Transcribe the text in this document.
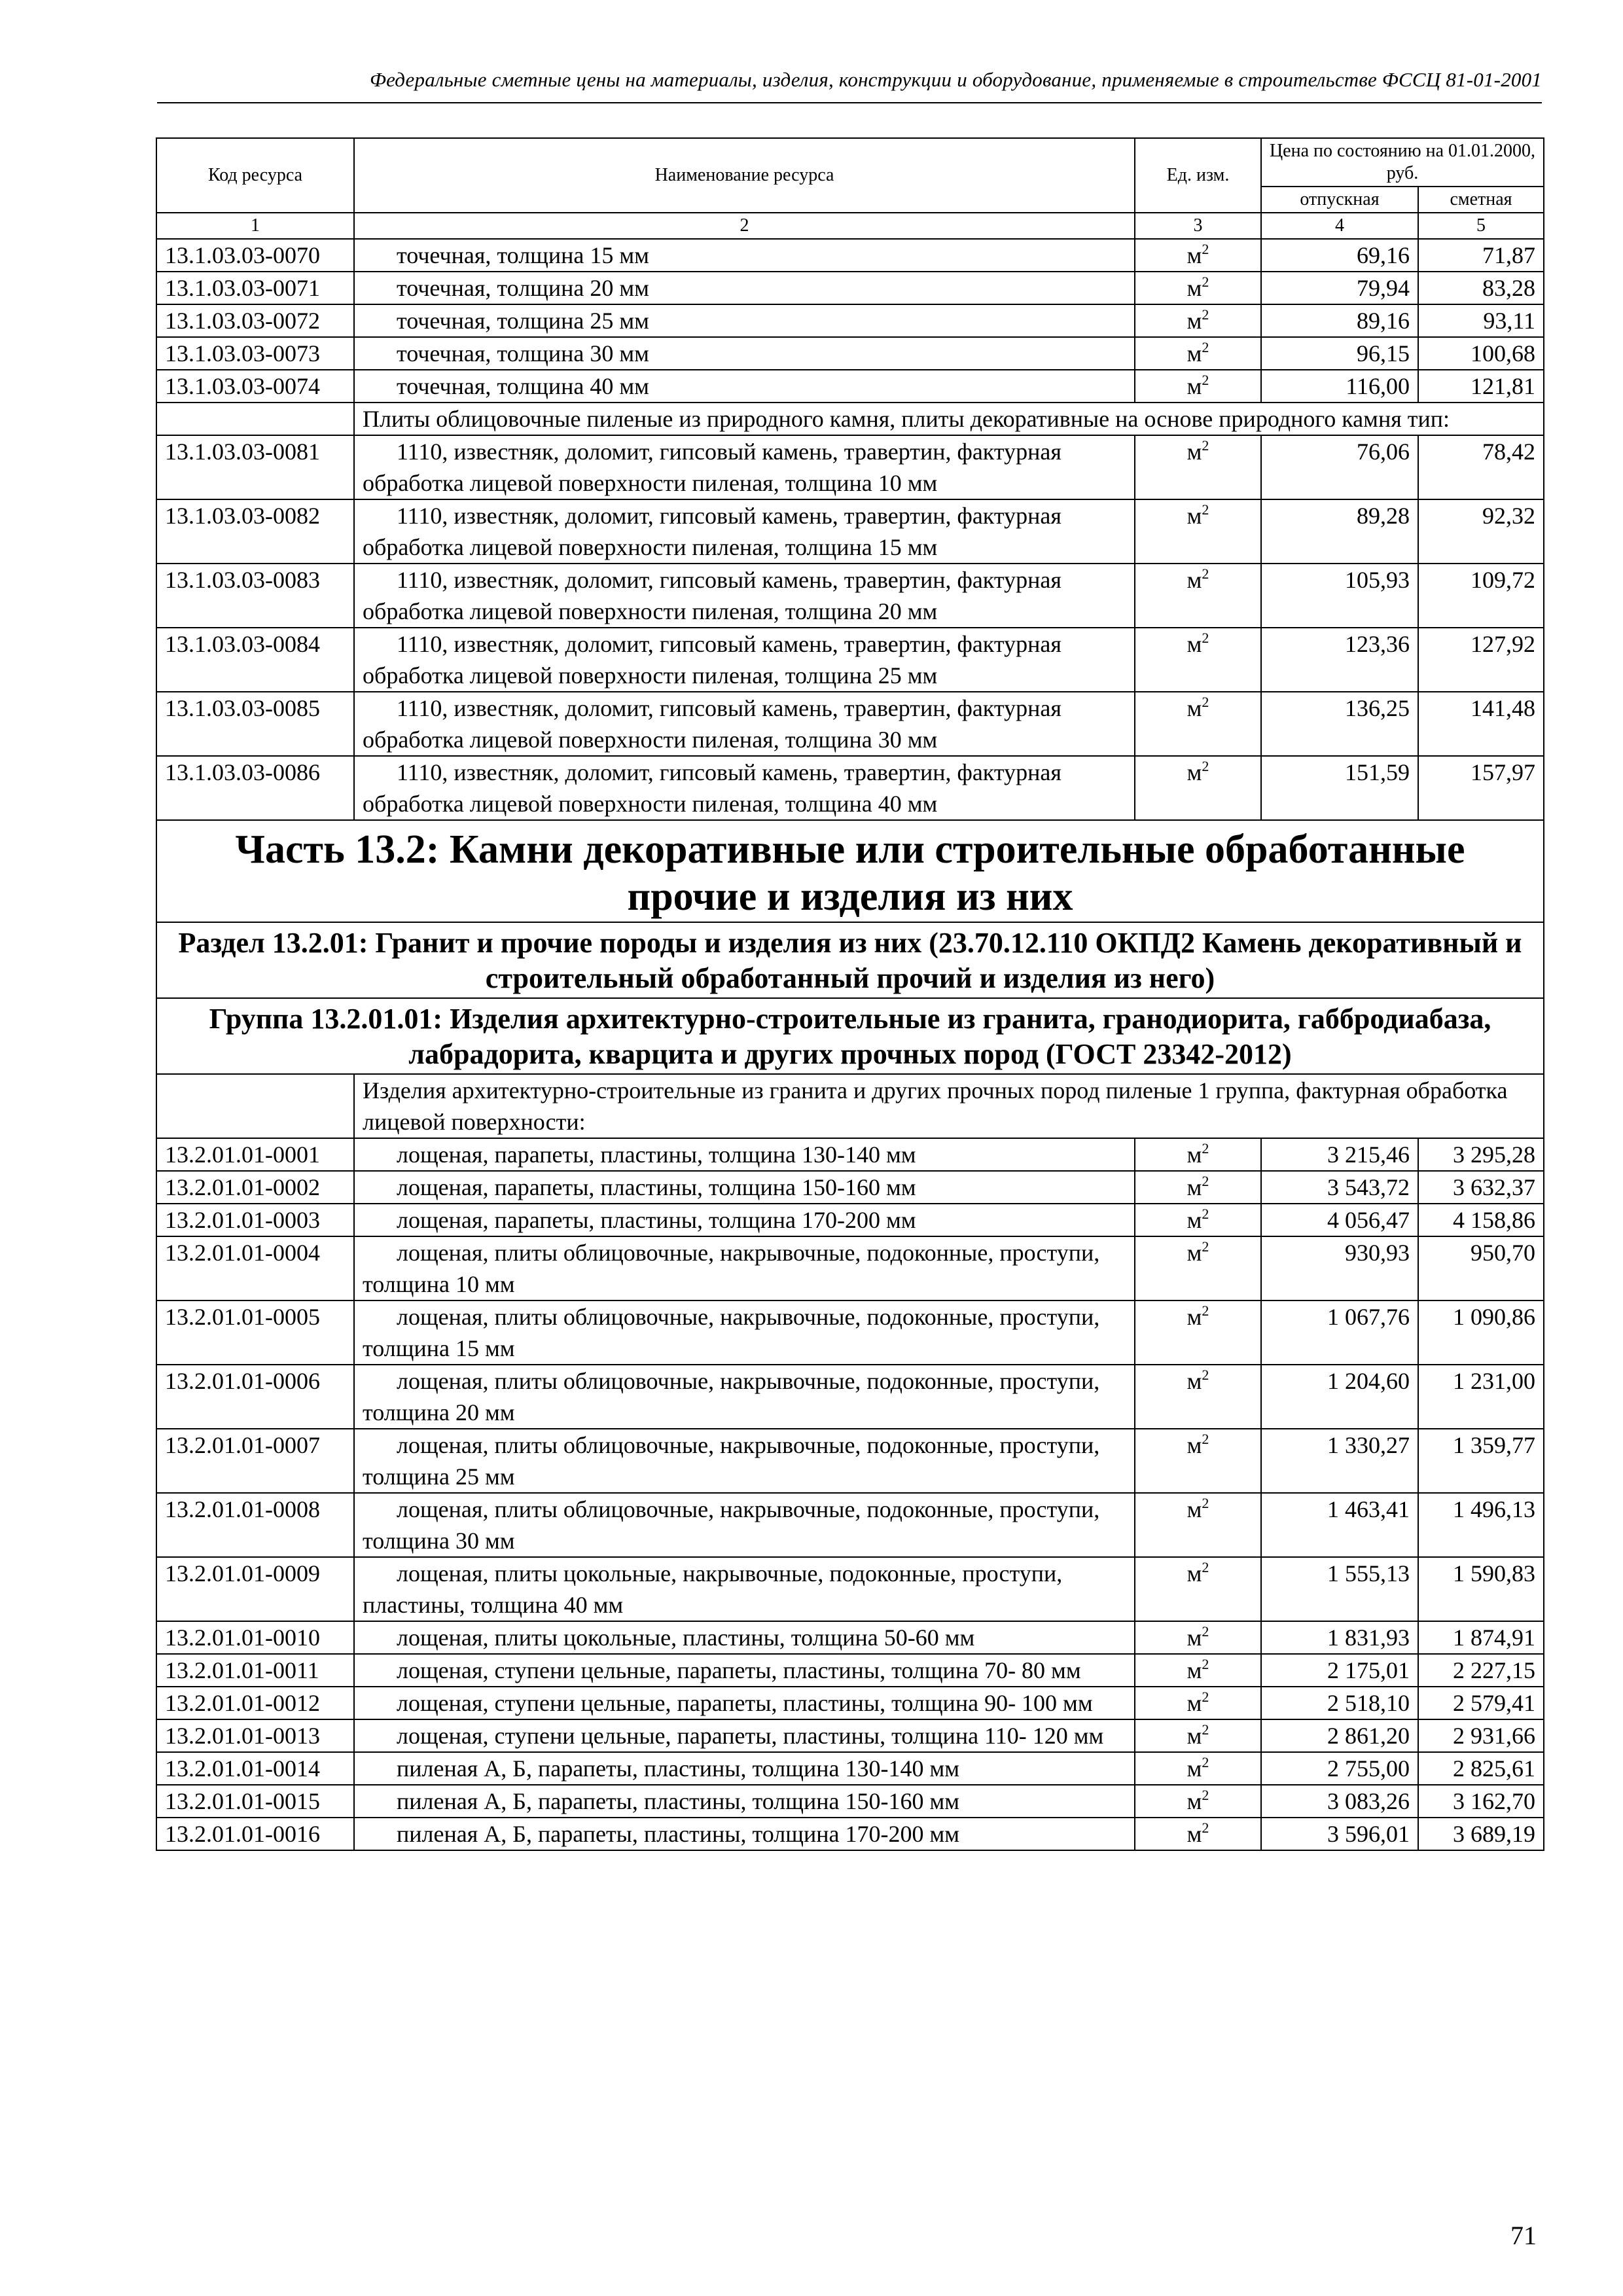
Федеральные сметные цены на материалы, изделия, конструкции и оборудование, применяемые в строительстве ФССЦ 81-01-2001
Код ресурса	Наименование ресурса	Ед. изм.	Цена по состоянию на 01.01.2000, руб.	
			отпускная	сметная
1	2	3	4	5
13.1.03.03-0070	точечная, толщина 15 мм	$м^2$	69,16	71,87
13.1.03.03-0071	точечная, толщина 20 мм	$м^2$	79,94	83,28
13.1.03.03-0072	точечная, толщина 25 мм	$м^2$	89,16	93,11
13.1.03.03-0073	точечная, толщина 30 мм	$м^2$	96,15	100,68
13.1.03.03-0074	точечная, толщина 40 мм	$м^2$	116,00	121,81

	Плиты облицовочные пиленые из природного камня, плиты декоративные на основе природного камня тип:			

13.1.03.03-0081	1110, известняк, доломит, гипсовый камень, травертин, фактурная обработка лицевой поверхности пиленая, толщина 10 мм	$м^2$	76,06	78,42
13.1.03.03-0082	1110, известняк, доломит, гипсовый камень, травертин, фактурная обработка лицевой поверхности пиленая, толщина 15 мм	$м^2$	89,28	92,32
13.1.03.03-0083	1110, известняк, доломит, гипсовый камень, травертин, фактурная обработка лицевой поверхности пиленая, толщина 20 мм	$м^2$	105,93	109,72
13.1.03.03-0084	1110, известняк, доломит, гипсовый камень, травертин, фактурная обработка лицевой поверхности пиленая, толщина 25 мм	$м^2$	123,36	127,92
13.1.03.03-0085	1110, известняк, доломит, гипсовый камень, травертин, фактурная обработка лицевой поверхности пиленая, толщина 30 мм	$м^2$	136,25	141,48
13.1.03.03-0086	1110, известняк, доломит, гипсовый камень, травертин, фактурная обработка лицевой поверхности пиленая, толщина 40 мм	$м^2$	151,59	157,97
Часть 13.2: Камни декоративные или строительные обработанные прочие и изделия из них				
Раздел 13.2.01: Гранит и прочие породы и изделия из них (23.70.12.110 ОКПД2 Камень декоративный и строительный обработанный прочий и изделия из него)				
Группа 13.2.01.01: Изделия архитектурно-строительные из гранита, гранодиорита, габбродиабаза, лабрадорита, кварцита и других прочных пород (ГОСТ 23342-2012)				

	Изделия архитектурно-строительные из гранита и других прочных пород пиленые 1 группа, фактурная обработка лицевой поверхности:			

13.2.01.01-0001	лощеная, парапеты, пластины, толщина 130-140 мм	$м^2$	3 215,46	3 295,28
13.2.01.01-0002	лощеная, парапеты, пластины, толщина 150-160 мм	$м^2$	3 543,72	3 632,37
13.2.01.01-0003	лощеная, парапеты, пластины, толщина 170-200 мм	$м^2$	4 056,47	4 158,86
13.2.01.01-0004	лощеная, плиты облицовочные, накрывочные, подоконные, проступи, толщина 10 мм	$м^2$	930,93	950,70
13.2.01.01-0005	лощеная, плиты облицовочные, накрывочные, подоконные, проступи, толщина 15 мм	$м^2$	1 067,76	1 090,86
13.2.01.01-0006	лощеная, плиты облицовочные, накрывочные, подоконные, проступи, толщина 20 мм	$м^2$	1 204,60	1 231,00
13.2.01.01-0007	лощеная, плиты облицовочные, накрывочные, подоконные, проступи, толщина 25 мм	$м^2$	1 330,27	1 359,77
13.2.01.01-0008	лощеная, плиты облицовочные, накрывочные, подоконные, проступи, толщина 30 мм	$м^2$	1 463,41	1 496,13
13.2.01.01-0009	лощеная, плиты цокольные, накрывочные, подоконные, проступи, пластины, толщина 40 мм	$м^2$	1 555,13	1 590,83
13.2.01.01-0010	лощеная, плиты цокольные, пластины, толщина 50-60 мм	$м^2$	1 831,93	1 874,91
13.2.01.01-0011	лощеная, ступени цельные, парапеты, пластины, толщина 70- 80 мм	$м^2$	2 175,01	2 227,15
13.2.01.01-0012	лощеная, ступени цельные, парапеты, пластины, толщина 90- 100 мм	$м^2$	2 518,10	2 579,41
13.2.01.01-0013	лощеная, ступени цельные, парапеты, пластины, толщина 110- 120 мм	$м^2$	2 861,20	2 931,66
13.2.01.01-0014	пиленая А, Б, парапеты, пластины, толщина 130-140 мм	$м^2$	2 755,00	2 825,61
13.2.01.01-0015	пиленая А, Б, парапеты, пластины, толщина 150-160 мм	$м^2$	3 083,26	3 162,70
13.2.01.01-0016	пиленая А, Б, парапеты, пластины, толщина 170-200 мм	$м^2$	3 596,01	3 689,19
71
